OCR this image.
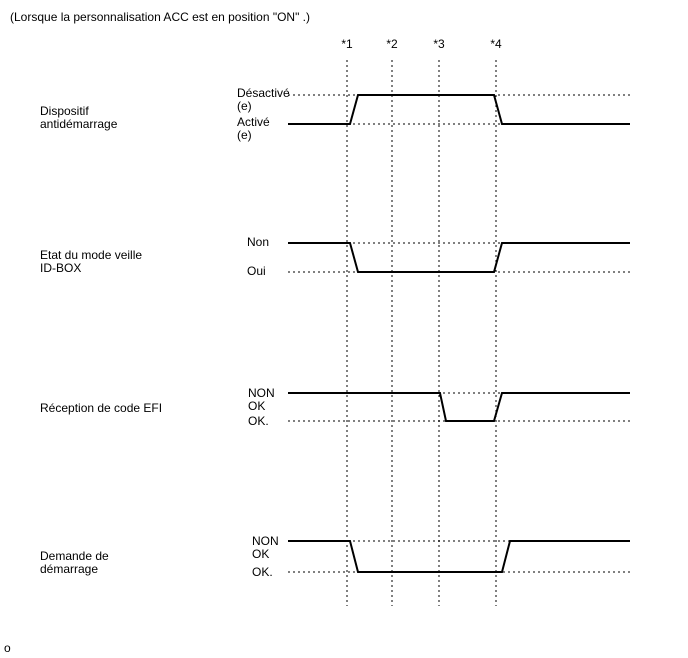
(Lorsque la personnalisation ACC est en position "ON" .)
*1	*2	*3	*4
Dispositif antidémarrage
Désactivé (e)
Activé (e)
Etat du mode veille ID-BOX
Non
Oui
Réception de code EFI
NON OK
OK.
Demande de démarrage
NON OK
OK.
o
